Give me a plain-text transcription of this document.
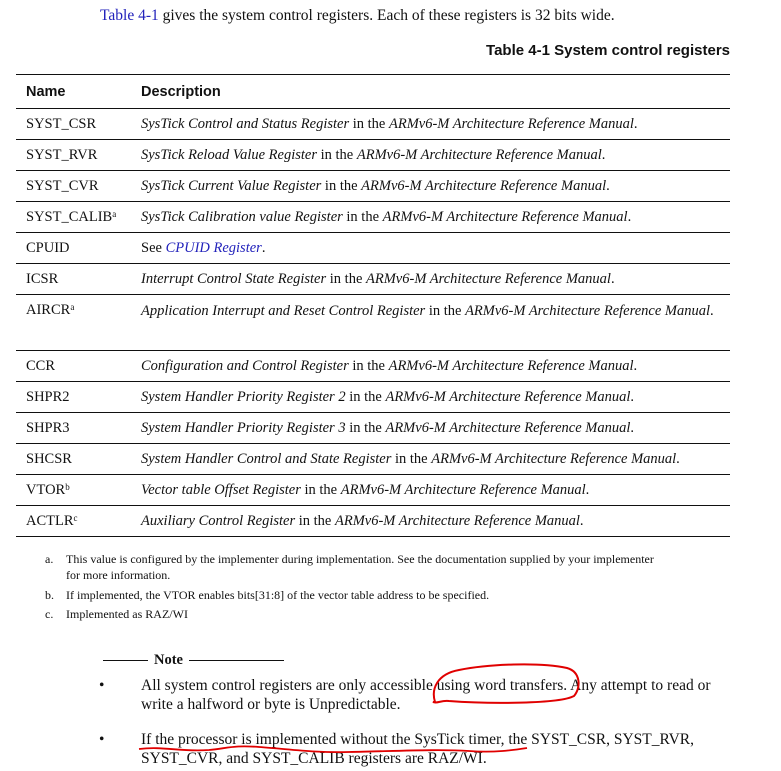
Table 4-1 gives the system control registers. Each of these registers is 32 bits wide.
Table 4-1 System control registers
Name	Description
SYST_CSR	SysTick Control and Status Register in the ARMv6-M Architecture Reference Manual.
SYST_RVR	SysTick Reload Value Register in the ARMv6-M Architecture Reference Manual.
SYST_CVR	SysTick Current Value Register in the ARMv6-M Architecture Reference Manual.
SYST_CALIB$^a$	SysTick Calibration value Register in the ARMv6-M Architecture Reference Manual.
CPUID	See CPUID Register.
ICSR	Interrupt Control State Register in the ARMv6-M Architecture Reference Manual.
AIRCR$^a$	Application Interrupt and Reset Control Register in the ARMv6-M Architecture Reference Manual.
CCR	Configuration and Control Register in the ARMv6-M Architecture Reference Manual.
SHPR2	System Handler Priority Register 2 in the ARMv6-M Architecture Reference Manual.
SHPR3	System Handler Priority Register 3 in the ARMv6-M Architecture Reference Manual.
SHCSR	System Handler Control and State Register in the ARMv6-M Architecture Reference Manual.
VTOR$^b$	Vector table Offset Register in the ARMv6-M Architecture Reference Manual.
ACTLR$^c$	Auxiliary Control Register in the ARMv6-M Architecture Reference Manual.
a.	This value is configured by the implementer during implementation. See the documentation supplied by your implementer for more information.
b.	If implemented, the VTOR enables bits[31:8] of the vector table address to be specified.
c.	Implemented as RAZ/WI
Note
•	All system control registers are only accessible
using word transfers. Any attempt to read or write a halfword or byte is Unpredictable.
•	If the processor is implemented without the SysTick timer, the SYST_CSR, SYST_RVR, SYST_CVR, and SYST_CALIB registers are RAZ/WI.
